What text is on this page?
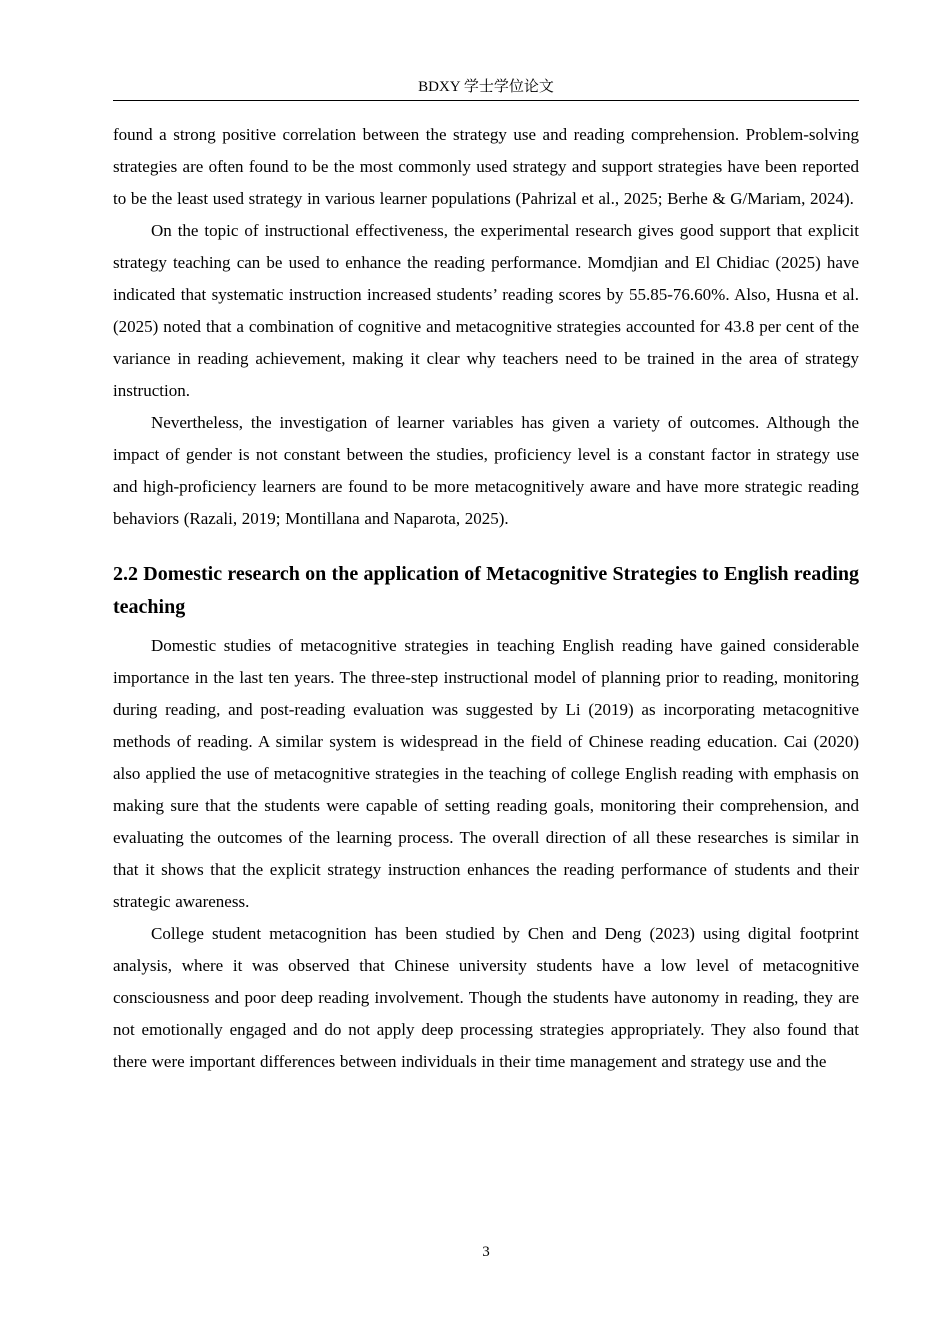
BDXY 学士学位论文

found a strong positive correlation between the strategy use and reading comprehension. Problem-solving strategies are often found to be the most commonly used strategy and support strategies have been reported to be the least used strategy in various learner populations (Pahrizal et al., 2025; Berhe & G/Mariam, 2024).

On the topic of instructional effectiveness, the experimental research gives good support that explicit strategy teaching can be used to enhance the reading performance. Momdjian and El Chidiac (2025) have indicated that systematic instruction increased students’ reading scores by 55.85-76.60%. Also, Husna et al. (2025) noted that a combination of cognitive and metacognitive strategies accounted for 43.8 per cent of the variance in reading achievement, making it clear why teachers need to be trained in the area of strategy instruction.

Nevertheless, the investigation of learner variables has given a variety of outcomes. Although the impact of gender is not constant between the studies, proficiency level is a constant factor in strategy use and high-proficiency learners are found to be more metacognitively aware and have more strategic reading behaviors (Razali, 2019; Montillana and Naparota, 2025).

2.2 Domestic research on the application of Metacognitive Strategies to English reading teaching

Domestic studies of metacognitive strategies in teaching English reading have gained considerable importance in the last ten years. The three-step instructional model of planning prior to reading, monitoring during reading, and post-reading evaluation was suggested by Li (2019) as incorporating metacognitive methods of reading. A similar system is widespread in the field of Chinese reading education. Cai (2020) also applied the use of metacognitive strategies in the teaching of college English reading with emphasis on making sure that the students were capable of setting reading goals, monitoring their comprehension, and evaluating the outcomes of the learning process. The overall direction of all these researches is similar in that it shows that the explicit strategy instruction enhances the reading performance of students and their strategic awareness.

College student metacognition has been studied by Chen and Deng (2023) using digital footprint analysis, where it was observed that Chinese university students have a low level of metacognitive consciousness and poor deep reading involvement. Though the students have autonomy in reading, they are not emotionally engaged and do not apply deep processing strategies appropriately. They also found that there were important differences between individuals in their time management and strategy use and the

3
